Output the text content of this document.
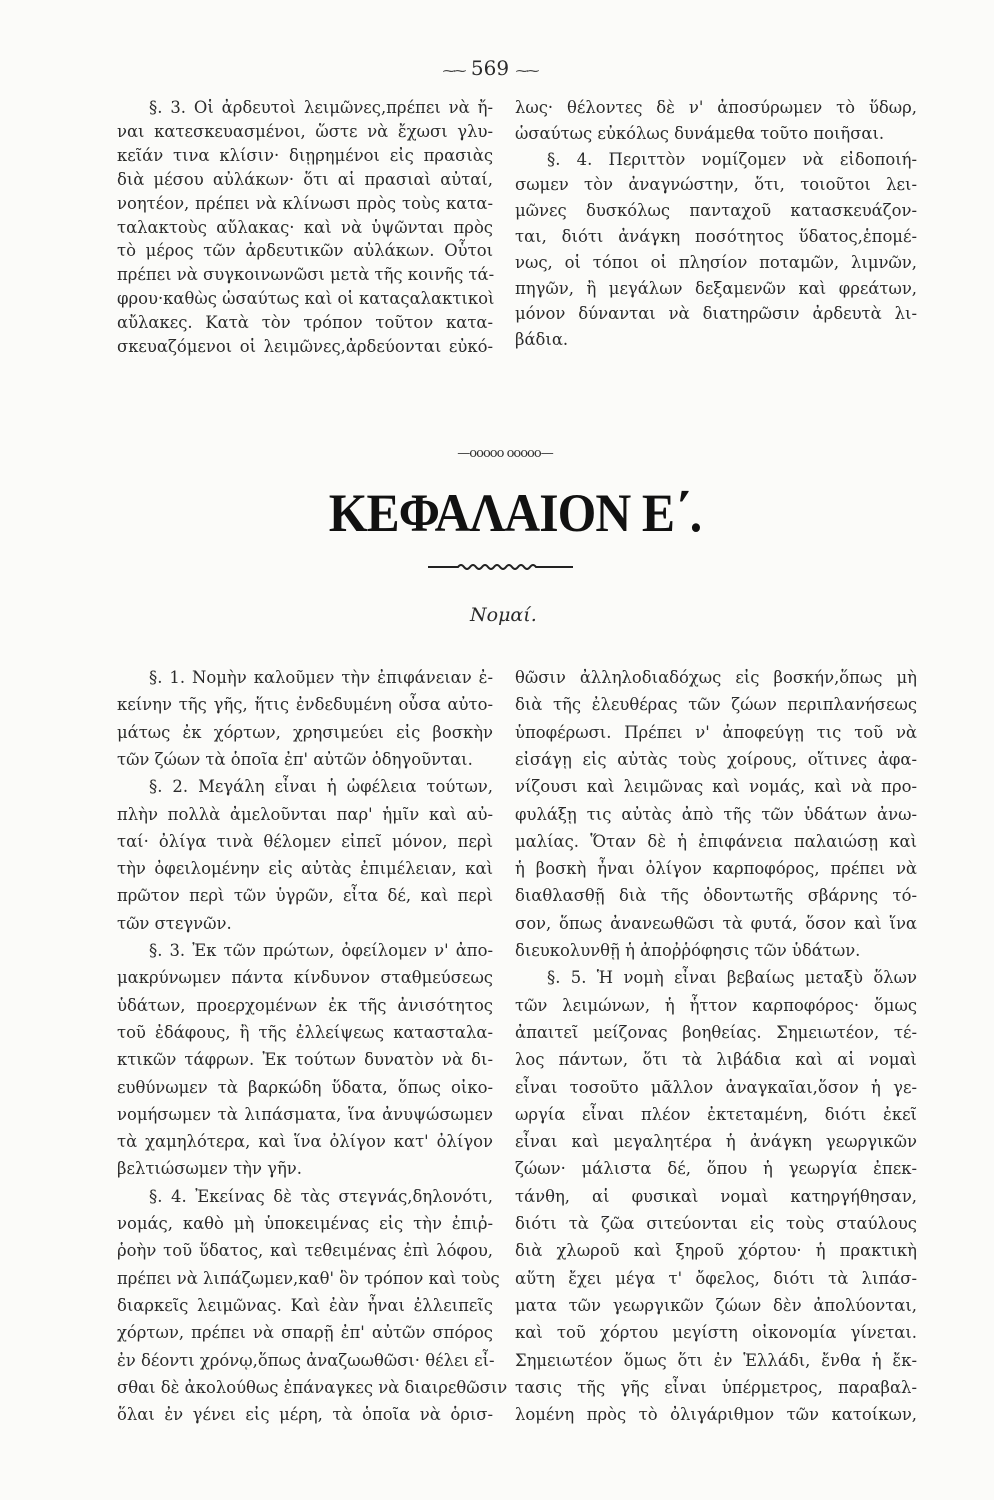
⁓⁓ 569 ⁓⁓
§. 3. Οἱ ἀρδευτοὶ λειμῶνες,πρέπει νὰ ἤ-
ναι κατεσκευασμένοι, ὥστε νὰ ἔχωσι γλυ-
κεῖάν τινα κλίσιν· διῃρημένοι εἰς πρασιὰς
διὰ μέσου αὐλάκων· ὅτι αἱ πρασιαὶ αὐταί,
νοητέον, πρέπει νὰ κλίνωσι πρὸς τοὺς κατα-
ταλακτοὺς αὔλακας· καὶ νὰ ὑψῶνται πρὸς
τὸ μέρος τῶν ἀρδευτικῶν αὐλάκων. Οὗτοι
πρέπει νὰ συγκοινωνῶσι μετὰ τῆς κοινῆς τά-
φρου·καθὼς ὡσαύτως καὶ οἱ καταςαλακτικοὶ
αὔλακες. Κατὰ τὸν τρόπον τοῦτον κατα-
σκευαζόμενοι οἱ λειμῶνες,ἀρδεύονται εὐκό-
λως· θέλοντες δὲ ν' ἀποσύρωμεν τὸ ὕδωρ,
ὡσαύτως εὐκόλως δυνάμεθα τοῦτο ποιῆσαι.
§. 4. Περιττὸν νομίζομεν νὰ εἰδοποιή-
σωμεν τὸν ἀναγνώστην, ὅτι, τοιοῦτοι λει-
μῶνες δυσκόλως πανταχοῦ κατασκευάζον-
ται, διότι ἀνάγκη ποσότητος ὕδατος,ἑπομέ-
νως, οἱ τόποι οἱ πλησίον ποταμῶν, λιμνῶν,
πηγῶν, ἢ μεγάλων δεξαμενῶν καὶ φρεάτων,
μόνον δύνανται νὰ διατηρῶσιν ἀρδευτὰ λι-
βάδια.
—ooooo ooooo—
ΚΕΦΑΛΑΙΟΝ Ε΄.
Νομαί.
§. 1. Νομὴν καλοῦμεν τὴν ἐπιφάνειαν ἐ-
κείνην τῆς γῆς, ἥτις ἐνδεδυμένη οὖσα αὐτο-
μάτως ἐκ χόρτων, χρησιμεύει εἰς βοσκὴν
τῶν ζώων τὰ ὁποῖα ἐπ' αὐτῶν ὁδηγοῦνται.
§. 2. Μεγάλη εἶναι ἡ ὠφέλεια τούτων,
πλὴν πολλὰ ἀμελοῦνται παρ' ἡμῖν καὶ αὐ-
ταί· ὀλίγα τινὰ θέλομεν εἰπεῖ μόνον, περὶ
τὴν ὀφειλομένην εἰς αὐτὰς ἐπιμέλειαν, καὶ
πρῶτον περὶ τῶν ὑγρῶν, εἶτα δέ, καὶ περὶ
τῶν στεγνῶν.
§. 3. Ἐκ τῶν πρώτων, ὀφείλομεν ν' ἀπο-
μακρύνωμεν πάντα κίνδυνον σταθμεύσεως
ὑδάτων, προερχομένων ἐκ τῆς ἀνισότητος
τοῦ ἐδάφους, ἢ τῆς ἐλλείψεως κατασταλα-
κτικῶν τάφρων. Ἐκ τούτων δυνατὸν νὰ δι-
ευθύνωμεν τὰ βαρκώδη ὕδατα, ὅπως οἰκο-
νομήσωμεν τὰ λιπάσματα, ἵνα ἀνυψώσωμεν
τὰ χαμηλότερα, καὶ ἵνα ὀλίγον κατ' ὀλίγον
βελτιώσωμεν τὴν γῆν.
§. 4. Ἐκείνας δὲ τὰς στεγνάς,δηλονότι,
νομάς, καθὸ μὴ ὑποκειμένας εἰς τὴν ἐπιῤ-
ῥοὴν τοῦ ὕδατος, καὶ τεθειμένας ἐπὶ λόφου,
πρέπει νὰ λιπάζωμεν,καθ' ὃν τρόπον καὶ τοὺς
διαρκεῖς λειμῶνας. Καὶ ἐὰν ἦναι ἐλλειπεῖς
χόρτων, πρέπει νὰ σπαρῇ ἐπ' αὐτῶν σπόρος
ἐν δέοντι χρόνῳ,ὅπως ἀναζωωθῶσι· θέλει εἶ-
σθαι δὲ ἀκολούθως ἐπάναγκες νὰ διαιρεθῶσιν
ὅλαι ἐν γένει εἰς μέρη, τὰ ὁποῖα νὰ ὁρισ-
θῶσιν ἀλληλοδιαδόχως εἰς βοσκήν,ὅπως μὴ
διὰ τῆς ἐλευθέρας τῶν ζώων περιπλανήσεως
ὑποφέρωσι. Πρέπει ν' ἀποφεύγῃ τις τοῦ νὰ
εἰσάγῃ εἰς αὐτὰς τοὺς χοίρους, οἵτινες ἀφα-
νίζουσι καὶ λειμῶνας καὶ νομάς, καὶ νὰ προ-
φυλάξῃ τις αὐτὰς ἀπὸ τῆς τῶν ὑδάτων ἀνω-
μαλίας. Ὅταν δὲ ἡ ἐπιφάνεια παλαιώσῃ καὶ
ἡ βοσκὴ ἦναι ὀλίγον καρποφόρος, πρέπει νὰ
διαθλασθῇ διὰ τῆς ὀδοντωτῆς σβάρνης τό-
σον, ὅπως ἀνανεωθῶσι τὰ φυτά, ὅσον καὶ ἵνα
διευκολυνθῇ ἡ ἀποῤῥόφησις τῶν ὑδάτων.
§. 5. Ἡ νομὴ εἶναι βεβαίως μεταξὺ ὅλων
τῶν λειμώνων, ἡ ἧττον καρποφόρος· ὅμως
ἀπαιτεῖ μείζονας βοηθείας. Σημειωτέον, τέ-
λος πάντων, ὅτι τὰ λιβάδια καὶ αἱ νομαὶ
εἶναι τοσοῦτο μᾶλλον ἀναγκαῖαι,ὅσον ἡ γε-
ωργία εἶναι πλέον ἐκτεταμένη, διότι ἐκεῖ
εἶναι καὶ μεγαλητέρα ἡ ἀνάγκη γεωργικῶν
ζώων· μάλιστα δέ, ὅπου ἡ γεωργία ἐπεκ-
τάνθη, αἱ φυσικαὶ νομαὶ κατηργήθησαν,
διότι τὰ ζῶα σιτεύονται εἰς τοὺς σταύλους
διὰ χλωροῦ καὶ ξηροῦ χόρτου· ἡ πρακτικὴ
αὕτη ἔχει μέγα τ' ὄφελος, διότι τὰ λιπάσ-
ματα τῶν γεωργικῶν ζώων δὲν ἀπολύονται,
καὶ τοῦ χόρτου μεγίστη οἰκονομία γίνεται.
Σημειωτέον ὅμως ὅτι ἐν Ἑλλάδι, ἔνθα ἡ ἔκ-
τασις τῆς γῆς εἶναι ὑπέρμετρος, παραβαλ-
λομένη πρὸς τὸ ὀλιγάριθμον τῶν κατοίκων,
